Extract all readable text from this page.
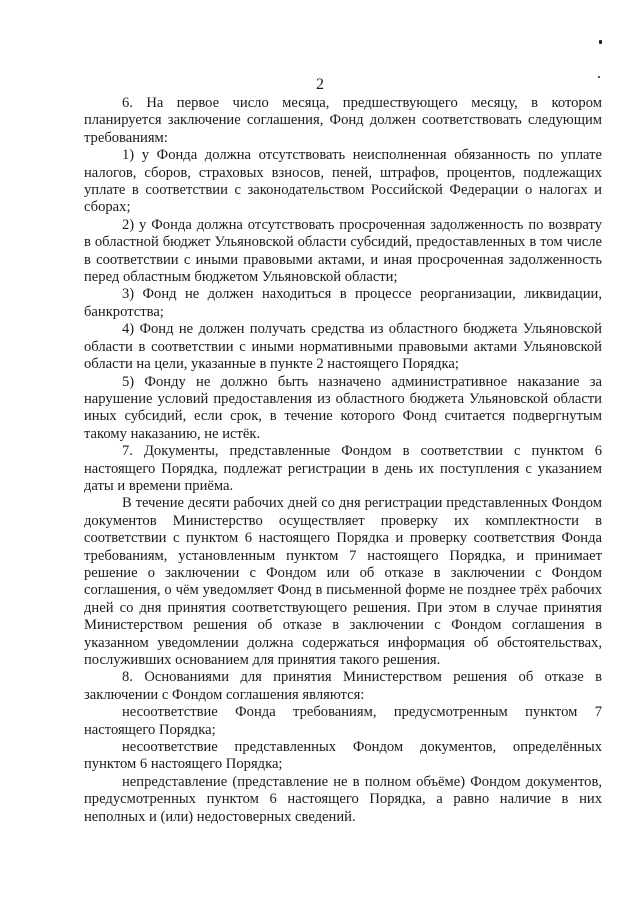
2

6. На первое число месяца, предшествующего месяцу, в котором планируется заключение соглашения, Фонд должен соответствовать следующим требованиям:

1) у Фонда должна отсутствовать неисполненная обязанность по уплате налогов, сборов, страховых взносов, пеней, штрафов, процентов, подлежащих уплате в соответствии с законодательством Российской Федерации о налогах и сборах;

2) у Фонда должна отсутствовать просроченная задолженность по возврату в областной бюджет Ульяновской области субсидий, предоставленных в том числе в соответствии с иными правовыми актами, и иная просроченная задолженность перед областным бюджетом Ульяновской области;

3) Фонд не должен находиться в процессе реорганизации, ликвидации, банкротства;

4) Фонд не должен получать средства из областного бюджета Ульяновской области в соответствии с иными нормативными правовыми актами Ульяновской области на цели, указанные в пункте 2 настоящего Порядка;

5) Фонду не должно быть назначено административное наказание за нарушение условий предоставления из областного бюджета Ульяновской области иных субсидий, если срок, в течение которого Фонд считается подвергнутым такому наказанию, не истёк.

7. Документы, представленные Фондом в соответствии с пунктом 6 настоящего Порядка, подлежат регистрации в день их поступления с указанием даты и времени приёма.

В течение десяти рабочих дней со дня регистрации представленных Фондом документов Министерство осуществляет проверку их комплектности в соответствии с пунктом 6 настоящего Порядка и проверку соответствия Фонда требованиям, установленным пунктом 7 настоящего Порядка, и принимает решение о заключении с Фондом или об отказе в заключении с Фондом соглашения, о чём уведомляет Фонд в письменной форме не позднее трёх рабочих дней со дня принятия соответствующего решения. При этом в случае принятия Министерством решения об отказе в заключении с Фондом соглашения в указанном уведомлении должна содержаться информация об обстоятельствах, послуживших основанием для принятия такого решения.

8. Основаниями для принятия Министерством решения об отказе в заключении с Фондом соглашения являются:

несоответствие Фонда требованиям, предусмотренным пунктом 7 настоящего Порядка;

несоответствие представленных Фондом документов, определённых пунктом 6 настоящего Порядка;

непредставление (представление не в полном объёме) Фондом документов, предусмотренных пунктом 6 настоящего Порядка, а равно наличие в них неполных и (или) недостоверных сведений.
